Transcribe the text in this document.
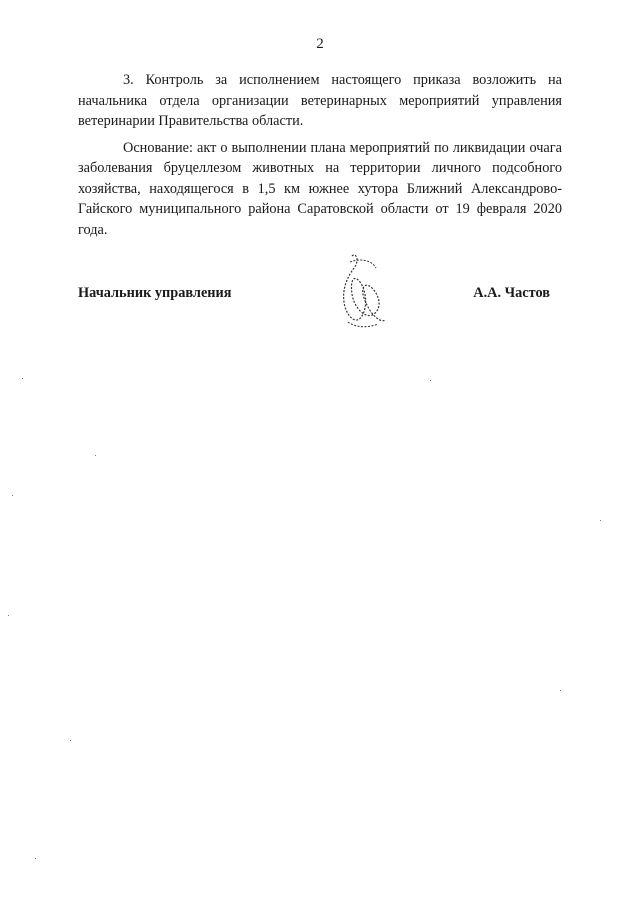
2

3. Контроль за исполнением настоящего приказа возложить на начальника отдела организации ветеринарных мероприятий управления ветеринарии Правительства области.

Основание: акт о выполнении плана мероприятий по ликвидации очага заболевания бруцеллезом животных на территории личного подсобного хозяйства, находящегося в 1,5 км южнее хутора Ближний Александрово-Гайского муниципального района Саратовской области от 19 февраля 2020 года.

Начальник управления	А.А. Частов
